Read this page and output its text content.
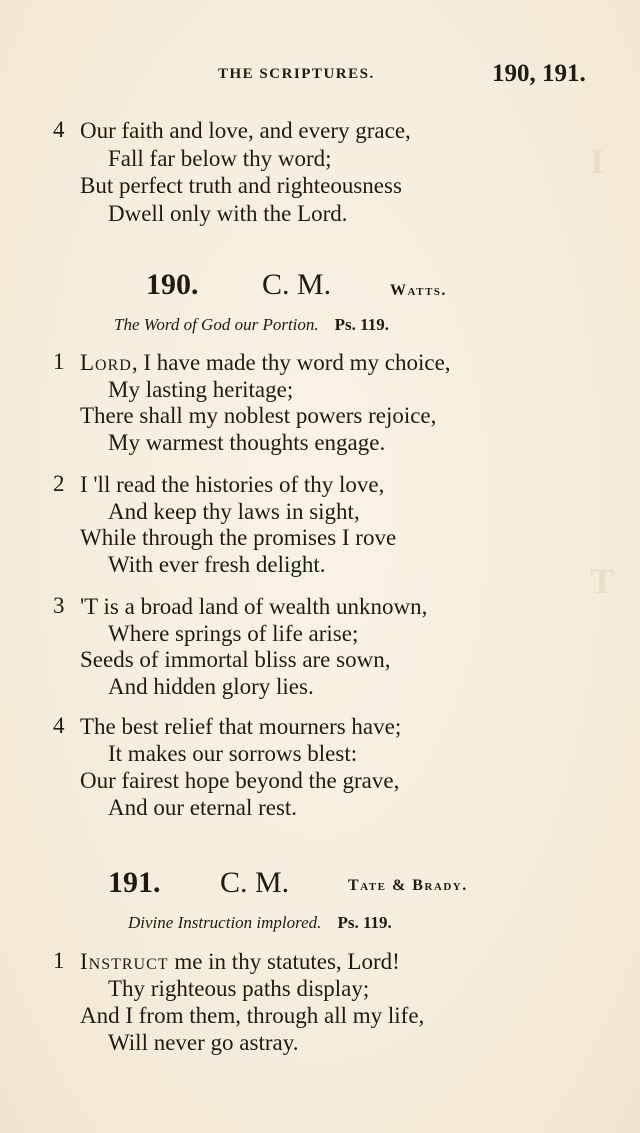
I
T
THE SCRIPTURES.	190, 191.
4 Our faith and love, and every grace,
Fall far below thy word;
But perfect truth and righteousness
Dwell only with the Lord.
190. C. M.	Watts.
The Word of God our Portion. Ps. 119.
1 Lord, I have made thy word my choice,
My lasting heritage;
There shall my noblest powers rejoice,
My warmest thoughts engage.
2 I 'll read the histories of thy love,
And keep thy laws in sight,
While through the promises I rove
With ever fresh delight.
3 'T is a broad land of wealth unknown,
Where springs of life arise;
Seeds of immortal bliss are sown,
And hidden glory lies.
4 The best relief that mourners have;
It makes our sorrows blest:
Our fairest hope beyond the grave,
And our eternal rest.
191. C. M.	Tate & Brady.
Divine Instruction implored. Ps. 119.
1 Instruct me in thy statutes, Lord!
Thy righteous paths display;
And I from them, through all my life,
Will never go astray.
